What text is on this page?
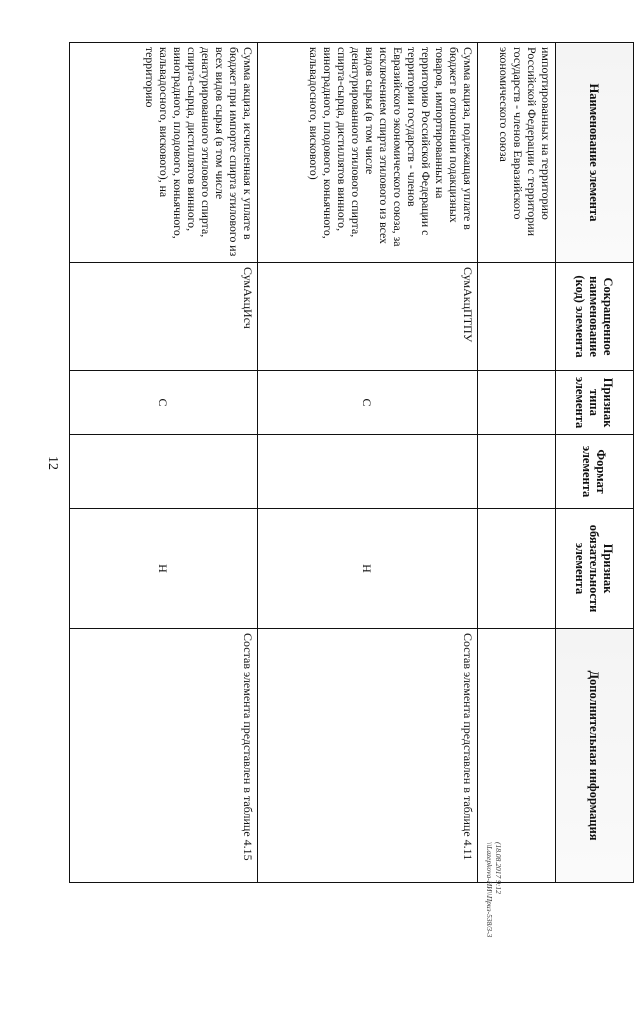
12
Наименование элемента	Сокращенное наименование (код) элемента	Признак типа элемента	Формат элемента	Признак обязательности элемента	Дополнительная информация
импортированных на территорию Российской Федерации с территории государств - членов Евразийского экономического союза					
Сумма акциза, подлежащая уплате в бюджет в отношении подакцизных товаров, импортированных на территорию Российской Федерации с территории государств - членов Евразийского экономического союза, за исключением спирта этилового из всех видов сырья (в том числе денатурированного этилового спирта, спирта-сырца, дистиллятов винного, виноградного, плодового, коньячного, кальвадосного, вискового)	СумАкцПТПУ	С		Н	Состав элемента представлен в таблице 4.11
Сумма акциза, исчисленная к уплате в бюджет при импорте спирта этилового из всех видов сырья (в том числе денатурированного этилового спирта, спирта-сырца, дистиллятов винного, виноградного, плодового, коньячного, кальвадосного, вискового), на территорию	СумАкцИсч	С		Н	Состав элемента представлен в таблице 4.15
(18.08.2017 9:12
\\Lazepkova-ИИ\\Приз-538/3-3
